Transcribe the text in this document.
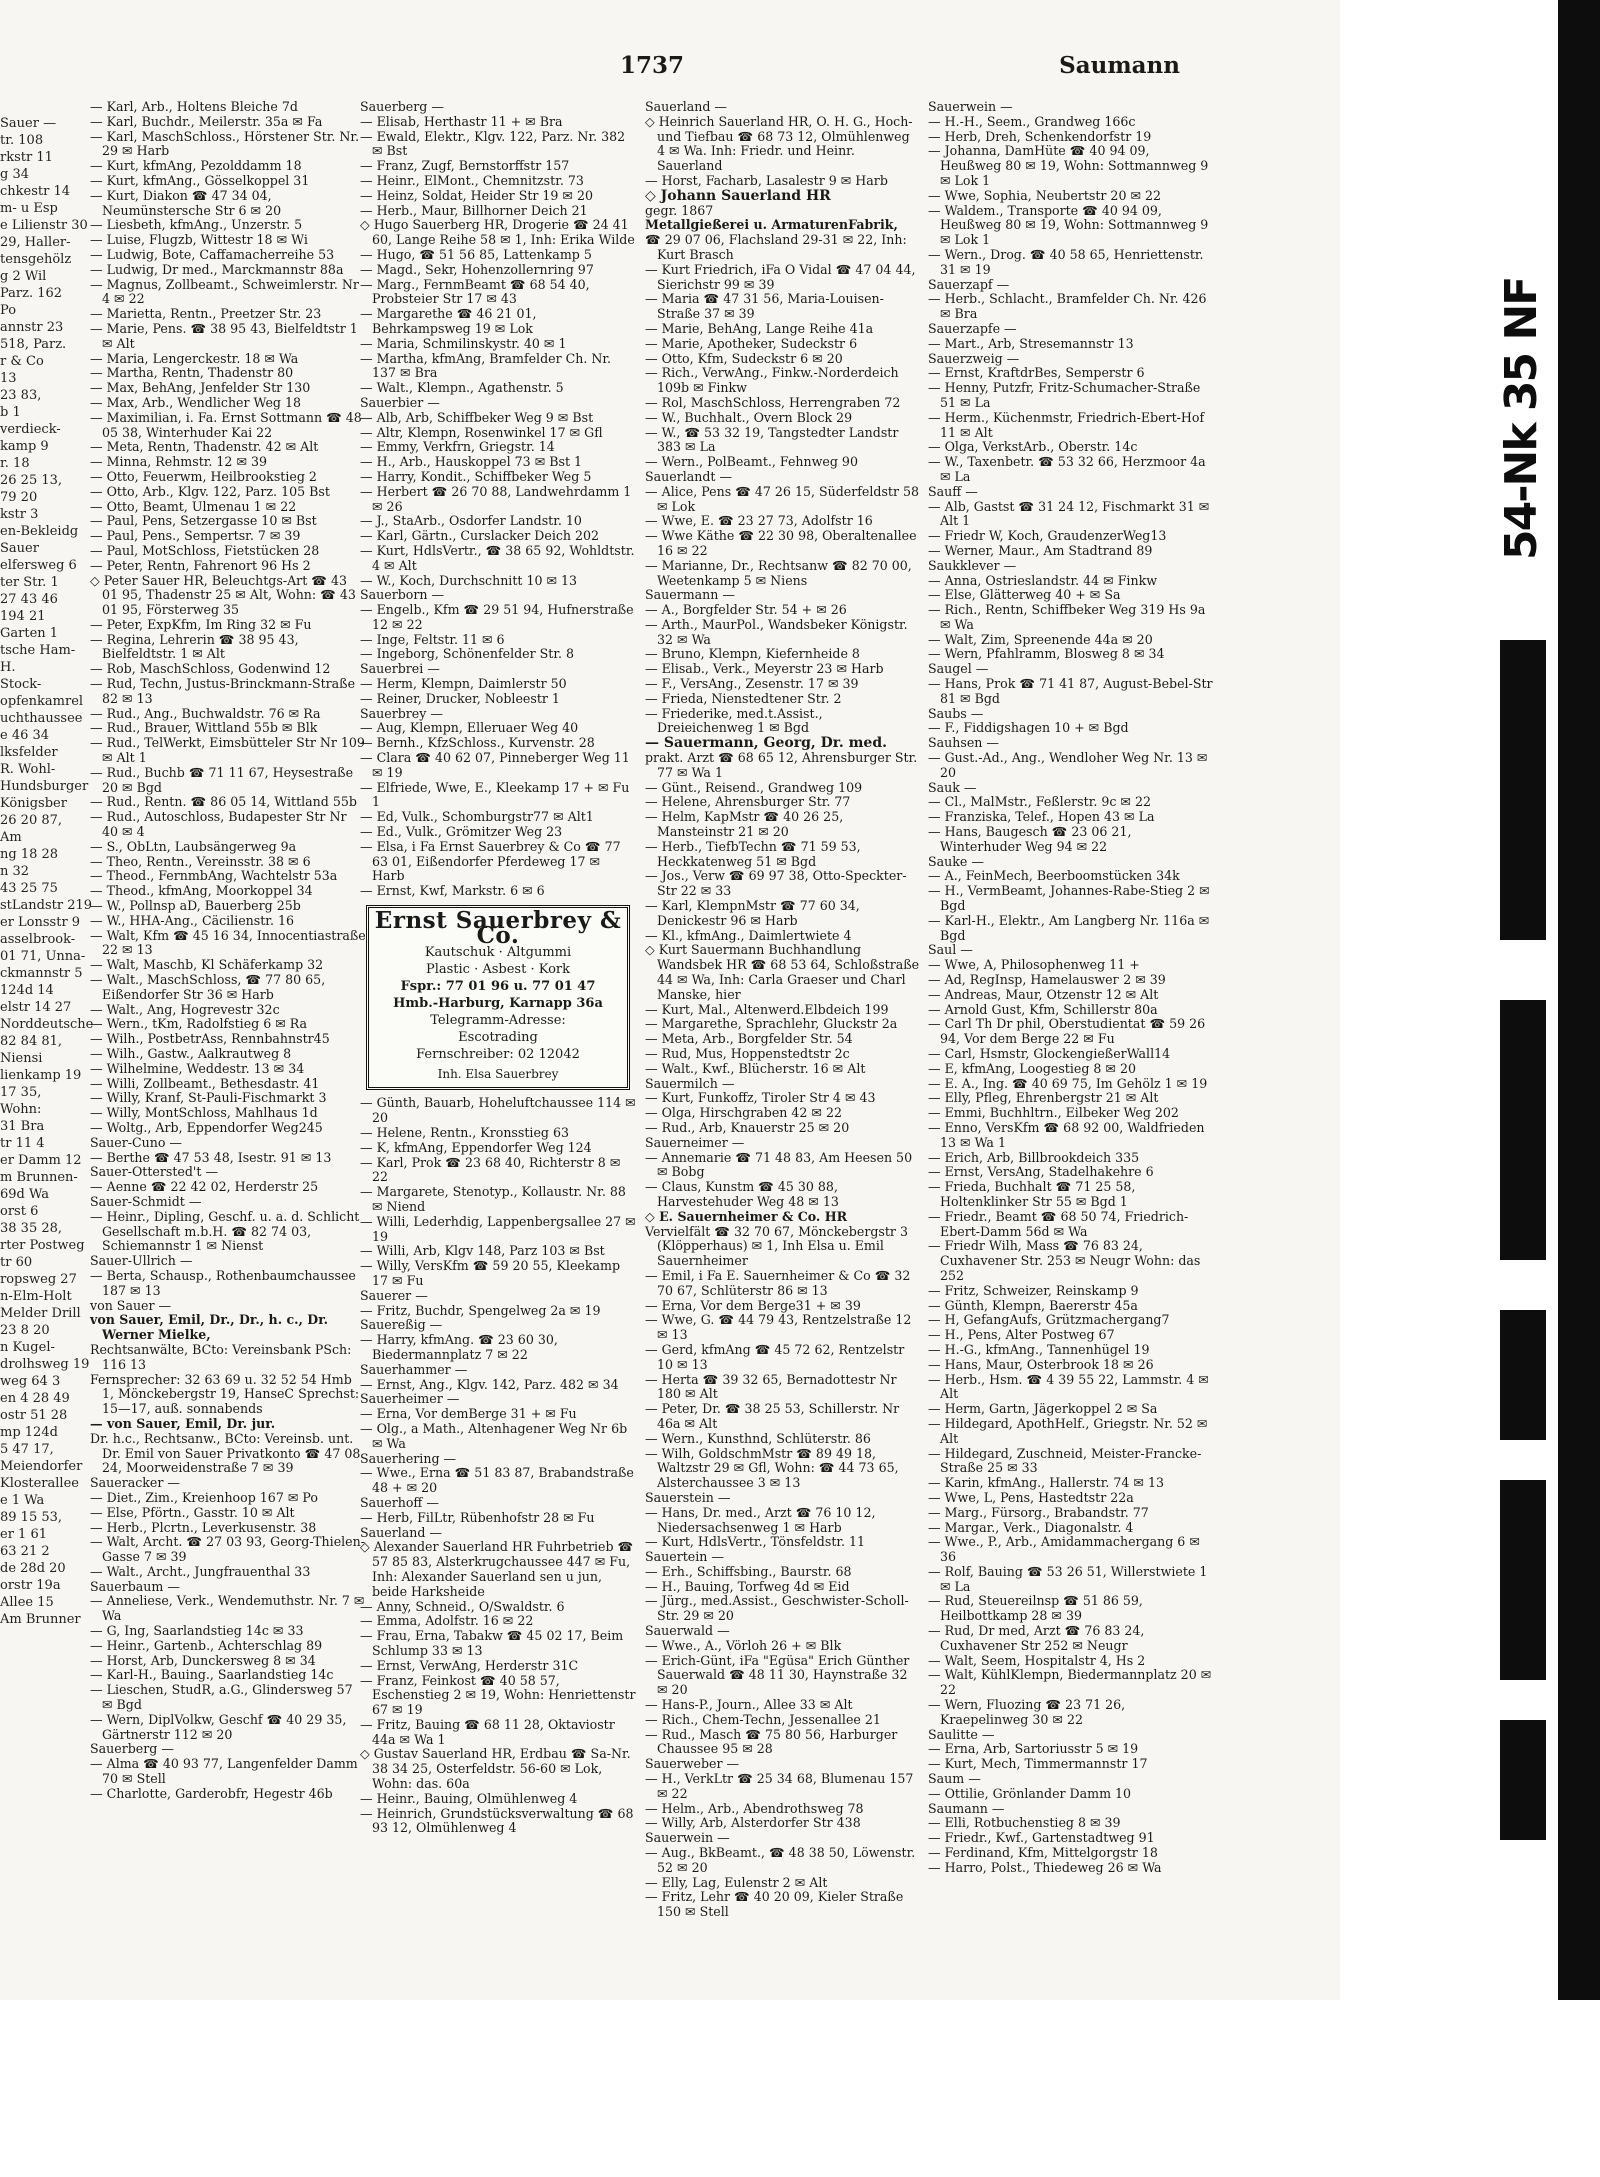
Sauer —
tr. 108
rkstr 11
g 34
chkestr 14
m- u Esp
e Lilienstr 30
29, Haller-
tensgehölz
g 2 Wil
Parz. 162
Po
annstr 23
518, Parz.
r & Co
13
23 83,
b 1
verdieck-
kamp 9
r. 18
26 25 13,
79 20
kstr 3
en-Bekleidg
Sauer
elfersweg 6
ter Str. 1
27 43 46
194 21
Garten 1
tsche Ham-
H.
Stock-
opfenkamrel
uchthaussee
e 46 34
lksfelder
R. Wohl-
Hundsburger
Königsber
26 20 87,
Am
ng 18 28
n 32
43 25 75
stLandstr 219
er Lonsstr 9
asselbrook-
01 71, Unna-
ckmannstr 5
124d 14
elstr 14 27
Norddeutsche
82 84 81,
Niensi
lienkamp 19
17 35,
Wohn:
31 Bra
tr 11 4
er Damm 12
m Brunnen-
69d Wa
orst 6
38 35 28,
rter Postweg
tr 60
ropsweg 27
n-Elm-Holt
Melder Drill
23 8 20
n Kugel-
drolhsweg 19
weg 64 3
en 4 28 49
ostr 51 28
mp 124d
5 47 17,
Meiendorfer
Klosterallee
e 1 Wa
89 15 53,
er 1 61
63 21 2
de 28d 20
orstr 19a
Allee 15
Am Brunner
1737	Saumann
— Karl, Arb., Holtens Bleiche 7d
— Karl, Buchdr., Meilerstr. 35a ✉ Fa
— Karl, MaschSchloss., Hörstener Str. Nr. 29 ✉ Harb
— Kurt, kfmAng, Pezolddamm 18
— Kurt, kfmAng., Gösselkoppel 31
— Kurt, Diakon ☎ 47 34 04, Neumünstersche Str 6 ✉ 20
— Liesbeth, kfmAng., Unzerstr. 5
— Luise, Flugzb, Wittestr 18 ✉ Wi
— Ludwig, Bote, Caffamacherreihe 53
— Ludwig, Dr med., Marckmannstr 88a
— Magnus, Zollbeamt., Schweimlerstr. Nr 4 ✉ 22
— Marietta, Rentn., Preetzer Str. 23
— Marie, Pens. ☎ 38 95 43, Bielfeldtstr 1 ✉ Alt
— Maria, Lengerckestr. 18 ✉ Wa
— Martha, Rentn, Thadenstr 80
— Max, BehAng, Jenfelder Str 130
— Max, Arb., Wendlicher Weg 18
— Maximilian, i. Fa. Ernst Sottmann ☎ 48 05 38, Winterhuder Kai 22
— Meta, Rentn, Thadenstr. 42 ✉ Alt
— Minna, Rehmstr. 12 ✉ 39
— Otto, Feuerwm, Heilbrookstieg 2
— Otto, Arb., Klgv. 122, Parz. 105 Bst
— Otto, Beamt, Ulmenau 1 ✉ 22
— Paul, Pens, Setzergasse 10 ✉ Bst
— Paul, Pens., Sempertsr. 7 ✉ 39
— Paul, MotSchloss, Fietstücken 28
— Peter, Rentn, Fahrenort 96 Hs 2
◇ Peter Sauer HR, Beleuchtgs-Art ☎ 43 01 95, Thadenstr 25 ✉ Alt, Wohn: ☎ 43 01 95, Försterweg 35
— Peter, ExpKfm, Im Ring 32 ✉ Fu
— Regina, Lehrerin ☎ 38 95 43, Bielfeldtstr. 1 ✉ Alt
— Rob, MaschSchloss, Godenwind 12
— Rud, Techn, Justus-Brinckmann-Straße 82 ✉ 13
— Rud., Ang., Buchwaldstr. 76 ✉ Ra
— Rud., Brauer, Wittland 55b ✉ Blk
— Rud., TelWerkt, Eimsbütteler Str Nr 109 ✉ Alt 1
— Rud., Buchb ☎ 71 11 67, Heysestraße 20 ✉ Bgd
— Rud., Rentn. ☎ 86 05 14, Wittland 55b
— Rud., Autoschloss, Budapester Str Nr 40 ✉ 4
— S., ObLtn, Laubsängerweg 9a
— Theo, Rentn., Vereinsstr. 38 ✉ 6
— Theod., FernmbAng, Wachtelstr 53a
— Theod., kfmAng, Moorkoppel 34
— W., Pollnsp aD, Bauerberg 25b
— W., HHA-Ang., Cäcilienstr. 16
— Walt, Kfm ☎ 45 16 34, Innocentiastraße 22 ✉ 13
— Walt, Maschb, Kl Schäferkamp 32
— Walt., MaschSchloss, ☎ 77 80 65, Eißendorfer Str 36 ✉ Harb
— Walt., Ang, Hogrevestr 32c
— Wern., tKm, Radolfstieg 6 ✉ Ra
— Wilh., PostbetrAss, Rennbahnstr45
— Wilh., Gastw., Aalkrautweg 8
— Wilhelmine, Weddestr. 13 ✉ 34
— Willi, Zollbeamt., Bethesdastr. 41
— Willy, Kranf, St-Pauli-Fischmarkt 3
— Willy, MontSchloss, Mahlhaus 1d
— Woltg., Arb, Eppendorfer Weg245
Sauer-Cuno —
— Berthe ☎ 47 53 48, Isestr. 91 ✉ 13
Sauer-Ottersted't —
— Aenne ☎ 22 42 02, Herderstr 25
Sauer-Schmidt —
— Heinr., Dipling, Geschf. u. a. d. Schlicht Gesellschaft m.b.H. ☎ 82 74 03, Schiemannstr 1 ✉ Nienst
Sauer-Ullrich —
— Berta, Schausp., Rothenbaumchaussee 187 ✉ 13
von Sauer —
von Sauer, Emil, Dr., Dr., h. c., Dr. Werner Mielke,
Rechtsanwälte, BCto: Vereinsbank PSch: 116 13
Fernsprecher: 32 63 69 u. 32 52 54 Hmb 1, Mönckebergstr 19, HanseC Sprechst: 15—17, auß. sonnabends
— von Sauer, Emil, Dr. jur.
Dr. h.c., Rechtsanw., BCto: Vereinsb. unt. Dr. Emil von Sauer Privatkonto ☎ 47 08 24, Moorweidenstraße 7 ✉ 39
Saueracker —
— Diet., Zim., Kreienhoop 167 ✉ Po
— Else, Pförtn., Gasstr. 10 ✉ Alt
— Herb., Plcrtn., Leverkusenstr. 38
— Walt, Archt. ☎ 27 03 93, Georg-Thielen-Gasse 7 ✉ 39
— Walt., Archt., Jungfrauenthal 33
Sauerbaum —
— Anneliese, Verk., Wendemuthstr. Nr. 7 ✉ Wa
— G, Ing, Saarlandstieg 14c ✉ 33
— Heinr., Gartenb., Achterschlag 89
— Horst, Arb, Dunckersweg 8 ✉ 34
— Karl-H., Bauing., Saarlandstieg 14c
— Lieschen, StudR, a.G., Glindersweg 57 ✉ Bgd
— Wern, DiplVolkw, Geschf ☎ 40 29 35, Gärtnerstr 112 ✉ 20
Sauerberg —
— Alma ☎ 40 93 77, Langenfelder Damm 70 ✉ Stell
— Charlotte, Garderobfr, Hegestr 46b
Sauerberg —
— Elisab, Herthastr 11 + ✉ Bra
— Ewald, Elektr., Klgv. 122, Parz. Nr. 382 ✉ Bst
— Franz, Zugf, Bernstorffstr 157
— Heinr., ElMont., Chemnitzstr. 73
— Heinz, Soldat, Heider Str 19 ✉ 20
— Herb., Maur, Billhorner Deich 21
◇ Hugo Sauerberg HR, Drogerie ☎ 24 41 60, Lange Reihe 58 ✉ 1, Inh: Erika Wilde
— Hugo, ☎ 51 56 85, Lattenkamp 5
— Magd., Sekr, Hohenzollernring 97
— Marg., FernmBeamt ☎ 68 54 40, Probsteier Str 17 ✉ 43
— Margarethe ☎ 46 21 01, Behrkampsweg 19 ✉ Lok
— Maria, Schmilinskystr. 40 ✉ 1
— Martha, kfmAng, Bramfelder Ch. Nr. 137 ✉ Bra
— Walt., Klempn., Agathenstr. 5
Sauerbier —
— Alb, Arb, Schiffbeker Weg 9 ✉ Bst
— Altr, Klempn, Rosenwinkel 17 ✉ Gfl
— Emmy, Verkfrn, Griegstr. 14
— H., Arb., Hauskoppel 73 ✉ Bst 1
— Harry, Kondit., Schiffbeker Weg 5
— Herbert ☎ 26 70 88, Landwehrdamm 1 ✉ 26
— J., StaArb., Osdorfer Landstr. 10
— Karl, Gärtn., Curslacker Deich 202
— Kurt, HdlsVertr., ☎ 38 65 92, Wohldtstr. 4 ✉ Alt
— W., Koch, Durchschnitt 10 ✉ 13
Sauerborn —
— Engelb., Kfm ☎ 29 51 94, Hufnerstraße 12 ✉ 22
— Inge, Feltstr. 11 ✉ 6
— Ingeborg, Schönenfelder Str. 8
Sauerbrei —
— Herm, Klempn, Daimlerstr 50
— Reiner, Drucker, Nobleestr 1
Sauerbrey —
— Aug, Klempn, Elleruaer Weg 40
— Bernh., KfzSchloss., Kurvenstr. 28
— Clara ☎ 40 62 07, Pinneberger Weg 11 ✉ 19
— Elfriede, Wwe, E., Kleekamp 17 + ✉ Fu 1
— Ed, Vulk., Schomburgstr77 ✉ Alt1
— Ed., Vulk., Grömitzer Weg 23
— Elsa, i Fa Ernst Sauerbrey & Co ☎ 77 63 01, Eißendorfer Pferdeweg 17 ✉ Harb
— Ernst, Kwf, Markstr. 6 ✉ 6
Ernst Sauerbrey & Co.
Kautschuk · Altgummi
Plastic · Asbest · Kork
Fspr.: 77 01 96 u. 77 01 47
Hmb.-Harburg, Karnapp 36a
Telegramm-Adresse:
Escotrading
Fernschreiber: 02 12042
Inh. Elsa Sauerbrey
— Günth, Bauarb, Hoheluftchaussee 114 ✉ 20
— Helene, Rentn., Kronsstieg 63
— K, kfmAng, Eppendorfer Weg 124
— Karl, Prok ☎ 23 68 40, Richterstr 8 ✉ 22
— Margarete, Stenotyp., Kollaustr. Nr. 88 ✉ Niend
— Willi, Lederhdig, Lappenbergsallee 27 ✉ 19
— Willi, Arb, Klgv 148, Parz 103 ✉ Bst
— Willy, VersKfm ☎ 59 20 55, Kleekamp 17 ✉ Fu
Sauerer —
— Fritz, Buchdr, Spengelweg 2a ✉ 19
Sauereßig —
— Harry, kfmAng. ☎ 23 60 30, Biedermannplatz 7 ✉ 22
Sauerhammer —
— Ernst, Ang., Klgv. 142, Parz. 482 ✉ 34
Sauerheimer —
— Erna, Vor demBerge 31 + ✉ Fu
— Olg., a Math., Altenhagener Weg Nr 6b ✉ Wa
Sauerhering —
— Wwe., Erna ☎ 51 83 87, Brabandstraße 48 + ✉ 20
Sauerhoff —
— Herb, FilLtr, Rübenhofstr 28 ✉ Fu
Sauerland —
◇ Alexander Sauerland HR Fuhrbetrieb ☎ 57 85 83, Alsterkrugchaussee 447 ✉ Fu, Inh: Alexander Sauerland sen u jun, beide Harksheide
— Anny, Schneid., O/Swaldstr. 6
— Emma, Adolfstr. 16 ✉ 22
— Frau, Erna, Tabakw ☎ 45 02 17, Beim Schlump 33 ✉ 13
— Ernst, VerwAng, Herderstr 31C
— Franz, Feinkost ☎ 40 58 57, Eschenstieg 2 ✉ 19, Wohn: Henriettenstr 67 ✉ 19
— Fritz, Bauing ☎ 68 11 28, Oktaviostr 44a ✉ Wa 1
◇ Gustav Sauerland HR, Erdbau ☎ Sa-Nr. 38 34 25, Osterfeldstr. 56-60 ✉ Lok, Wohn: das. 60a
— Heinr., Bauing, Olmühlenweg 4
— Heinrich, Grundstücksverwaltung ☎ 68 93 12, Olmühlenweg 4
Sauerland —
◇ Heinrich Sauerland HR, O. H. G., Hoch- und Tiefbau ☎ 68 73 12, Olmühlenweg 4 ✉ Wa. Inh: Friedr. und Heinr. Sauerland
— Horst, Facharb, Lasalestr 9 ✉ Harb
◇ Johann Sauerland HR
gegr. 1867
Metallgießerei u. ArmaturenFabrik,
☎ 29 07 06, Flachsland 29-31 ✉ 22, Inh: Kurt Brasch
— Kurt Friedrich, iFa O Vidal ☎ 47 04 44, Sierichstr 99 ✉ 39
— Maria ☎ 47 31 56, Maria-Louisen-Straße 37 ✉ 39
— Marie, BehAng, Lange Reihe 41a
— Marie, Apotheker, Sudeckstr 6
— Otto, Kfm, Sudeckstr 6 ✉ 20
— Rich., VerwAng., Finkw.-Norderdeich 109b ✉ Finkw
— Rol, MaschSchloss, Herrengraben 72
— W., Buchhalt., Overn Block 29
— W., ☎ 53 32 19, Tangstedter Landstr 383 ✉ La
— Wern., PolBeamt., Fehnweg 90
Sauerlandt —
— Alice, Pens ☎ 47 26 15, Süderfeldstr 58 ✉ Lok
— Wwe, E. ☎ 23 27 73, Adolfstr 16
— Wwe Käthe ☎ 22 30 98, Oberaltenallee 16 ✉ 22
— Marianne, Dr., Rechtsanw ☎ 82 70 00, Weetenkamp 5 ✉ Niens
Sauermann —
— A., Borgfelder Str. 54 + ✉ 26
— Arth., MaurPol., Wandsbeker Königstr. 32 ✉ Wa
— Bruno, Klempn, Kiefernheide 8
— Elisab., Verk., Meyerstr 23 ✉ Harb
— F., VersAng., Zesenstr. 17 ✉ 39
— Frieda, Nienstedtener Str. 2
— Friederike, med.t.Assist., Dreieichenweg 1 ✉ Bgd
— Sauermann, Georg, Dr. med.
prakt. Arzt ☎ 68 65 12, Ahrensburger Str. 77 ✉ Wa 1
— Günt., Reisend., Grandweg 109
— Helene, Ahrensburger Str. 77
— Helm, KapMstr ☎ 40 26 25, Mansteinstr 21 ✉ 20
— Herb., TiefbTechn ☎ 71 59 53, Heckkatenweg 51 ✉ Bgd
— Jos., Verw ☎ 69 97 38, Otto-Speckter-Str 22 ✉ 33
— Karl, KlempnMstr ☎ 77 60 34, Denickestr 96 ✉ Harb
— Kl., kfmAng., Daimlertwiete 4
◇ Kurt Sauermann Buchhandlung Wandsbek HR ☎ 68 53 64, Schloßstraße 44 ✉ Wa, Inh: Carla Graeser und Charl Manske, hier
— Kurt, Mal., Altenwerd.Elbdeich 199
— Margarethe, Sprachlehr, Gluckstr 2a
— Meta, Arb., Borgfelder Str. 54
— Rud, Mus, Hoppenstedtstr 2c
— Walt., Kwf., Blücherstr. 16 ✉ Alt
Sauermilch —
— Kurt, Funkoffz, Tiroler Str 4 ✉ 43
— Olga, Hirschgraben 42 ✉ 22
— Rud., Arb, Knauerstr 25 ✉ 20
Sauerneimer —
— Annemarie ☎ 71 48 83, Am Heesen 50 ✉ Bobg
— Claus, Kunstm ☎ 45 30 88, Harvestehuder Weg 48 ✉ 13
◇ E. Sauernheimer & Co. HR
Vervielfält ☎ 32 70 67, Mönckebergstr 3 (Klöpperhaus) ✉ 1, Inh Elsa u. Emil Sauernheimer
— Emil, i Fa E. Sauernheimer & Co ☎ 32 70 67, Schlüterstr 86 ✉ 13
— Erna, Vor dem Berge31 + ✉ 39
— Wwe, G. ☎ 44 79 43, Rentzelstraße 12 ✉ 13
— Gerd, kfmAng ☎ 45 72 62, Rentzelstr 10 ✉ 13
— Herta ☎ 39 32 65, Bernadottestr Nr 180 ✉ Alt
— Peter, Dr. ☎ 38 25 53, Schillerstr. Nr 46a ✉ Alt
— Wern., Kunsthnd, Schlüterstr. 86
— Wilh, GoldschmMstr ☎ 89 49 18, Waltzstr 29 ✉ Gfl, Wohn: ☎ 44 73 65, Alsterchaussee 3 ✉ 13
Sauerstein —
— Hans, Dr. med., Arzt ☎ 76 10 12, Niedersachsenweg 1 ✉ Harb
— Kurt, HdlsVertr., Tönsfeldstr. 11
Sauertein —
— Erh., Schiffsbing., Baurstr. 68
— H., Bauing, Torfweg 4d ✉ Eid
— Jürg., med.Assist., Geschwister-Scholl-Str. 29 ✉ 20
Sauerwald —
— Wwe., A., Vörloh 26 + ✉ Blk
— Erich-Günt, iFa "Egüsa" Erich Günther Sauerwald ☎ 48 11 30, Haynstraße 32 ✉ 20
— Hans-P., Journ., Allee 33 ✉ Alt
— Rich., Chem-Techn, Jessenallee 21
— Rud., Masch ☎ 75 80 56, Harburger Chaussee 95 ✉ 28
Sauerweber —
— H., VerkLtr ☎ 25 34 68, Blumenau 157 ✉ 22
— Helm., Arb., Abendrothsweg 78
— Willy, Arb, Alsterdorfer Str 438
Sauerwein —
— Aug., BkBeamt., ☎ 48 38 50, Löwenstr. 52 ✉ 20
— Elly, Lag, Eulenstr 2 ✉ Alt
— Fritz, Lehr ☎ 40 20 09, Kieler Straße 150 ✉ Stell
Sauerwein —
— H.-H., Seem., Grandweg 166c
— Herb, Dreh, Schenkendorfstr 19
— Johanna, DamHüte ☎ 40 94 09, Heußweg 80 ✉ 19, Wohn: Sottmannweg 9 ✉ Lok 1
— Wwe, Sophia, Neubertstr 20 ✉ 22
— Waldem., Transporte ☎ 40 94 09, Heußweg 80 ✉ 19, Wohn: Sottmannweg 9 ✉ Lok 1
— Wern., Drog. ☎ 40 58 65, Henriettenstr. 31 ✉ 19
Sauerzapf —
— Herb., Schlacht., Bramfelder Ch. Nr. 426 ✉ Bra
Sauerzapfe —
— Mart., Arb, Stresemannstr 13
Sauerzweig —
— Ernst, KraftdrBes, Semperstr 6
— Henny, Putzfr, Fritz-Schumacher-Straße 51 ✉ La
— Herm., Küchenmstr, Friedrich-Ebert-Hof 11 ✉ Alt
— Olga, VerkstArb., Oberstr. 14c
— W., Taxenbetr. ☎ 53 32 66, Herzmoor 4a ✉ La
Sauff —
— Alb, Gastst ☎ 31 24 12, Fischmarkt 31 ✉ Alt 1
— Friedr W, Koch, GraudenzerWeg13
— Werner, Maur., Am Stadtrand 89
Saukklever —
— Anna, Ostrieslandstr. 44 ✉ Finkw
— Else, Glätterweg 40 + ✉ Sa
— Rich., Rentn, Schiffbeker Weg 319 Hs 9a ✉ Wa
— Walt, Zim, Spreenende 44a ✉ 20
— Wern, Pfahlramm, Blosweg 8 ✉ 34
Saugel —
— Hans, Prok ☎ 71 41 87, August-Bebel-Str 81 ✉ Bgd
Saubs —
— F., Fiddigshagen 10 + ✉ Bgd
Sauhsen —
— Gust.-Ad., Ang., Wendloher Weg Nr. 13 ✉ 20
Sauk —
— Cl., MalMstr., Feßlerstr. 9c ✉ 22
— Franziska, Telef., Hopen 43 ✉ La
— Hans, Baugesch ☎ 23 06 21, Winterhuder Weg 94 ✉ 22
Sauke —
— A., FeinMech, Beerboomstücken 34k
— H., VermBeamt, Johannes-Rabe-Stieg 2 ✉ Bgd
— Karl-H., Elektr., Am Langberg Nr. 116a ✉ Bgd
Saul —
— Wwe, A, Philosophenweg 11 +
— Ad, RegInsp, Hamelauswег 2 ✉ 39
— Andreas, Maur, Otzenstr 12 ✉ Alt
— Arnold Gust, Kfm, Schillerstr 80a
— Carl Th Dr phil, Oberstudientat ☎ 59 26 94, Vor dem Berge 22 ✉ Fu
— Carl, Hsmstr, GlockengießerWall14
— E, kfmAng, Loogestieg 8 ✉ 20
— E. A., Ing. ☎ 40 69 75, Im Gehölz 1 ✉ 19
— Elly, Pfleg, Ehrenbergstr 21 ✉ Alt
— Emmi, Buchhltrn., Eilbeker Weg 202
— Enno, VersKfm ☎ 68 92 00, Waldfrieden 13 ✉ Wa 1
— Erich, Arb, Billbrookdeich 335
— Ernst, VersAng, Stadelhakehre 6
— Frieda, Buchhalt ☎ 71 25 58, Holtenklinker Str 55 ✉ Bgd 1
— Friedr., Beamt ☎ 68 50 74, Friedrich-Ebert-Damm 56d ✉ Wa
— Friedr Wilh, Mass ☎ 76 83 24, Cuxhavener Str. 253 ✉ Neugr Wohn: das 252
— Fritz, Schweizer, Reinskamp 9
— Günth, Klempn, Baererstr 45a
— H, GefangAufs, Grützmachergang7
— H., Pens, Alter Postweg 67
— H.-G., kfmAng., Tannenhügel 19
— Hans, Maur, Osterbrook 18 ✉ 26
— Herb., Hsm. ☎ 4 39 55 22, Lammstr. 4 ✉ Alt
— Herm, Gartn, Jägerkoppel 2 ✉ Sa
— Hildegard, ApothHelf., Griegstr. Nr. 52 ✉ Alt
— Hildegard, Zuschneid, Meister-Francke-Straße 25 ✉ 33
— Karin, kfmAng., Hallerstr. 74 ✉ 13
— Wwe, L, Pens, Hastedtstr 22a
— Marg., Fürsorg., Brabandstr. 77
— Margar., Verk., Diagonalstr. 4
— Wwe., P., Arb., Amidammachergang 6 ✉ 36
— Rolf, Bauing ☎ 53 26 51, Willerstwiete 1 ✉ La
— Rud, Steuereilnsp ☎ 51 86 59, Heilbottkamp 28 ✉ 39
— Rud, Dr med, Arzt ☎ 76 83 24, Cuxhavener Str 252 ✉ Neugr
— Walt, Seem, Hospitalstr 4, Hs 2
— Walt, KühlKlempn, Biedermannplatz 20 ✉ 22
— Wern, Fluozing ☎ 23 71 26, Kraepelinweg 30 ✉ 22
Saulitte —
— Erna, Arb, Sartoriusstr 5 ✉ 19
— Kurt, Mech, Timmermannstr 17
Saum —
— Ottilie, Grönlander Damm 10
Saumann —
— Elli, Rotbuchenstieg 8 ✉ 39
— Friedr., Kwf., Gartenstadtweg 91
— Ferdinand, Kfm, Mittelgorgstr 18
— Harro, Polst., Thiedeweg 26 ✉ Wa
54-Nk 35 NF
